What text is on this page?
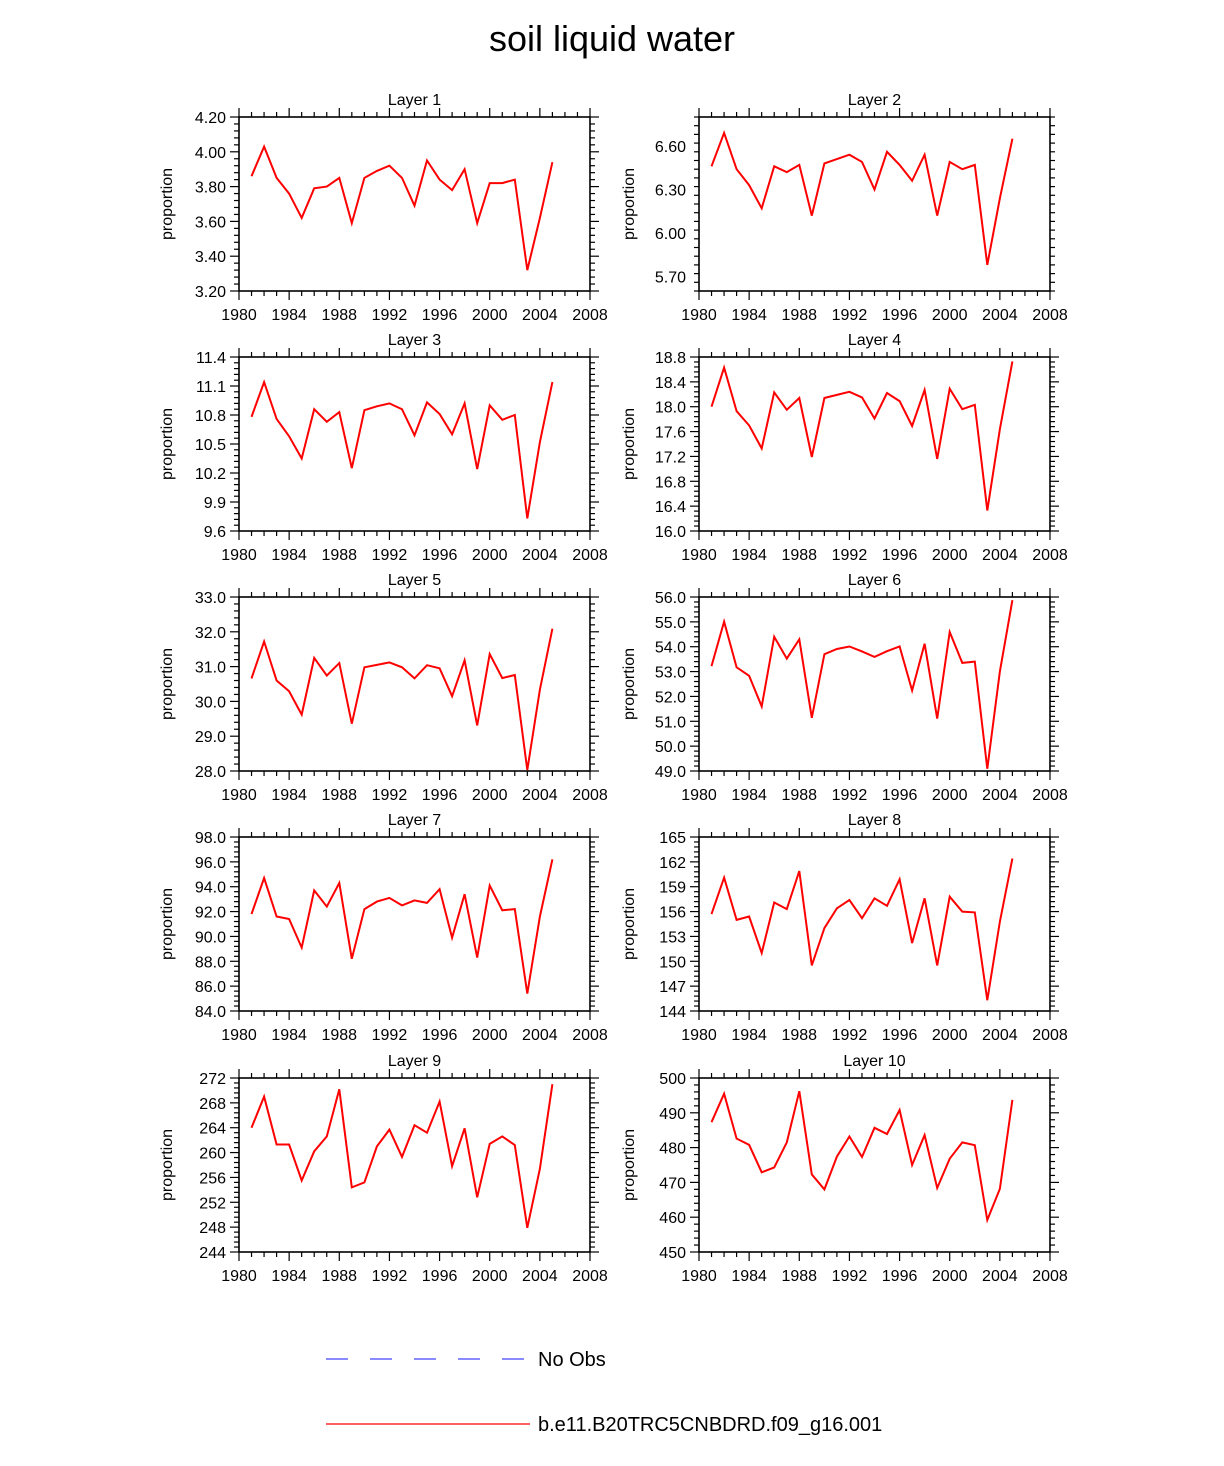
soil liquid water
Layer 1
1980 1984 1988 1992 1996 2000 2004 2008
3.20
3.40
3.60
3.80
4.00
4.20
proportion
Layer 2
1980 1984 1988 1992 1996 2000 2004 2008
5.70
6.00
6.30
6.60
proportion
Layer 3
1980 1984 1988 1992 1996 2000 2004 2008
9.6
9.9
10.2
10.5
10.8
11.1
11.4
proportion
Layer 4
1980 1984 1988 1992 1996 2000 2004 2008
16.0
16.4
16.8
17.2
17.6
18.0
18.4
18.8
proportion
Layer 5
1980 1984 1988 1992 1996 2000 2004 2008
28.0
29.0
30.0
31.0
32.0
33.0
proportion
Layer 6
1980 1984 1988 1992 1996 2000 2004 2008
49.0
50.0
51.0
52.0
53.0
54.0
55.0
56.0
proportion
Layer 7
1980 1984 1988 1992 1996 2000 2004 2008
84.0
86.0
88.0
90.0
92.0
94.0
96.0
98.0
proportion
Layer 8
1980 1984 1988 1992 1996 2000 2004 2008
144
147
150
153
156
159
162
165
proportion
Layer 9
1980 1984 1988 1992 1996 2000 2004 2008
244
248
252
256
260
264
268
272
proportion
Layer 10
1980 1984 1988 1992 1996 2000 2004 2008
450
460
470
480
490
500
proportion
No Obs
b.e11.B20TRC5CNBDRD.f09_g16.001
